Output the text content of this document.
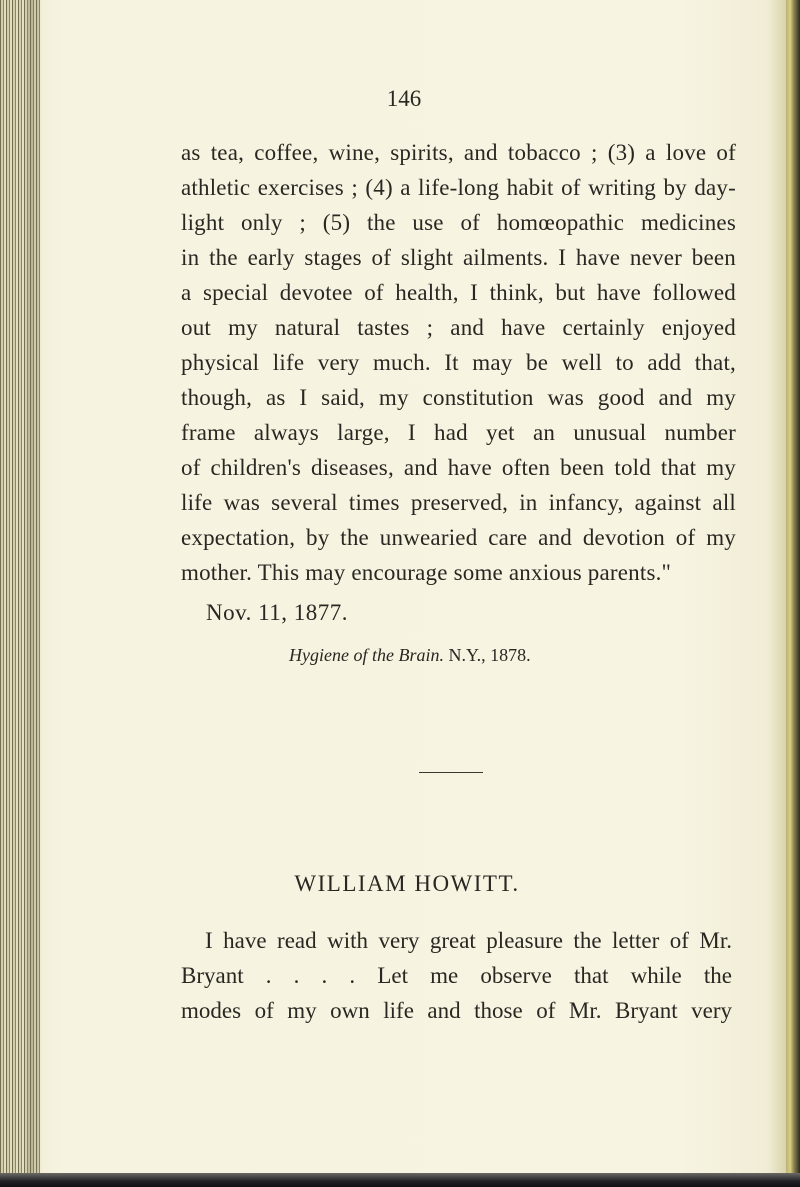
146
as tea, coffee, wine, spirits, and tobacco ; (3) a love of
athletic exercises ; (4) a life-long habit of writing by day-
light only ; (5) the use of homœopathic medicines
in the early stages of slight ailments. I have never been
a special devotee of health, I think, but have followed
out my natural tastes ; and have certainly enjoyed
physical life very much. It may be well to add that,
though, as I said, my constitution was good and my
frame always large, I had yet an unusual number
of children's diseases, and have often been told that my
life was several times preserved, in infancy, against all
expectation, by the unwearied care and devotion of my
mother. This may encourage some anxious parents."
Nov. 11, 1877.
Hygiene of the Brain. N.Y., 1878.
WILLIAM HOWITT.
I have read with very great pleasure the letter of Mr.
Bryant . . . . Let me observe that while the
modes of my own life and those of Mr. Bryant very
